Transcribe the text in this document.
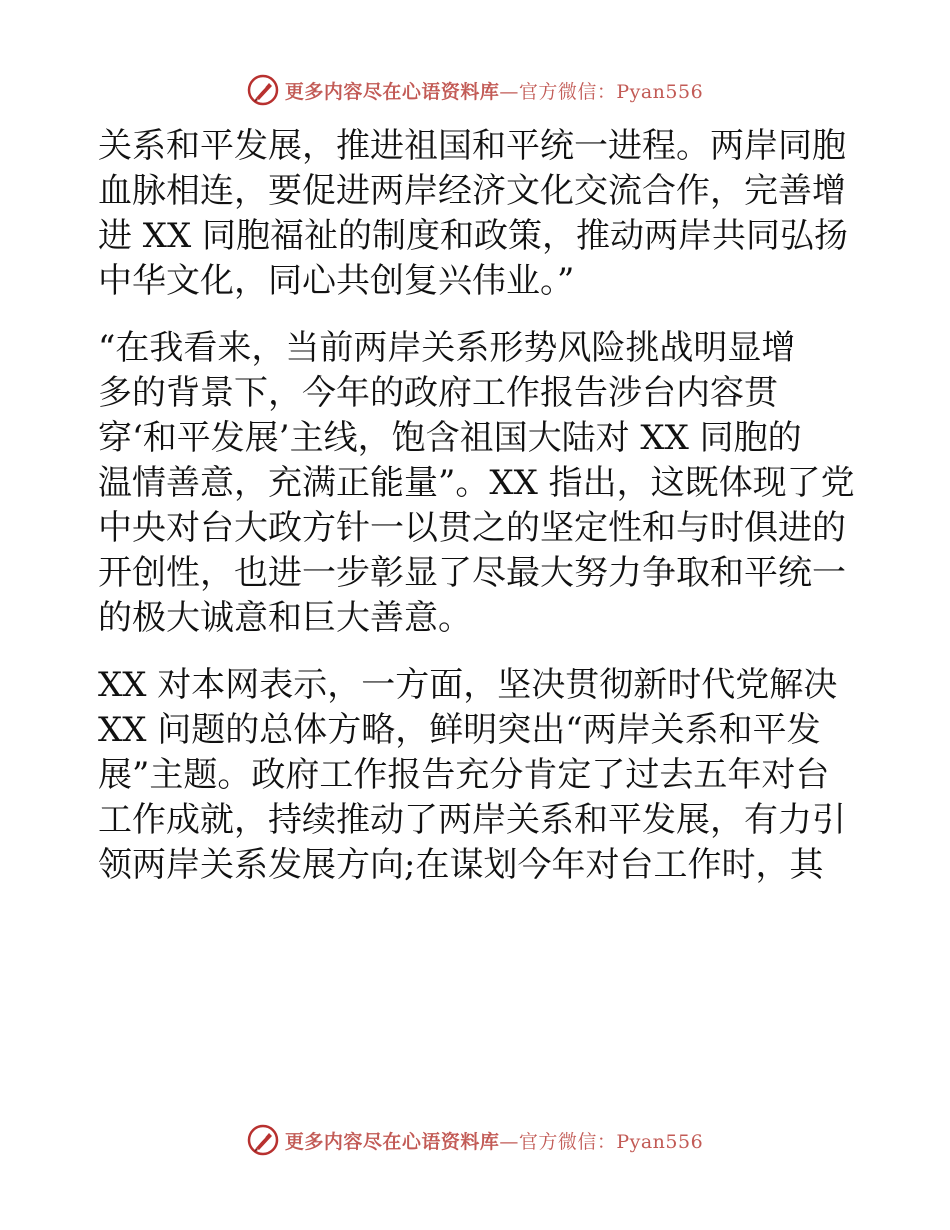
更多内容尽在心语资料库—官方微信：Pyan556
关系和平发展，推进祖国和平统一进程。两岸同胞
血脉相连，要促进两岸经济文化交流合作，完善增
进 XX 同胞福祉的制度和政策，推动两岸共同弘扬
中华文化，同心共创复兴伟业。”
“在我看来，当前两岸关系形势风险挑战明显增
多的背景下，今年的政府工作报告涉台内容贯
穿‘和平发展’主线，饱含祖国大陆对 XX 同胞的
温情善意，充满正能量”。XX 指出，这既体现了党
中央对台大政方针一以贯之的坚定性和与时俱进的
开创性，也进一步彰显了尽最大努力争取和平统一
的极大诚意和巨大善意。
XX 对本网表示，一方面，坚决贯彻新时代党解决
XX 问题的总体方略，鲜明突出“两岸关系和平发
展”主题。政府工作报告充分肯定了过去五年对台
工作成就，持续推动了两岸关系和平发展，有力引
领两岸关系发展方向;在谋划今年对台工作时，其
更多内容尽在心语资料库—官方微信：Pyan556
